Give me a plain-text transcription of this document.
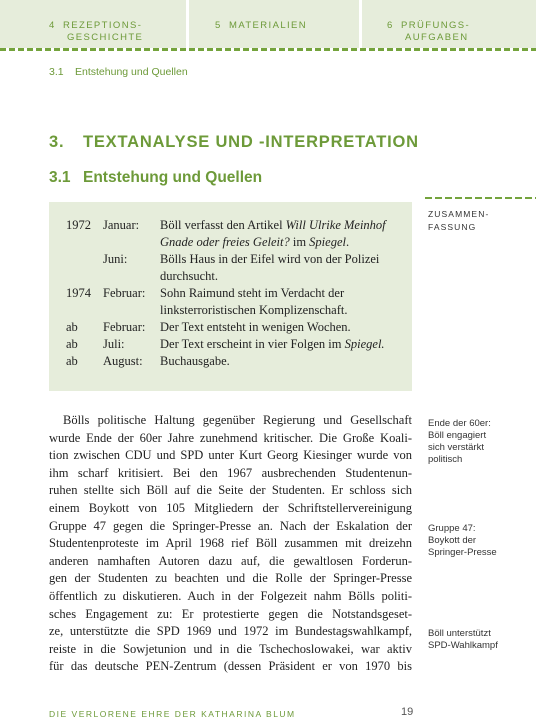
4 REZEPTIONS-
GESCHICHTE
5 MATERIALIEN	6 PRÜFUNGS-
AUFGABEN
3.1 Entstehung und Quellen
3. TEXTANALYSE UND -INTERPRETATION
3.1 Entstehung und Quellen
ZUSAMMEN-
FASSUNG
1972 Januar: Böll verfasst den Artikel Will Ulrike Meinhof
Gnade oder freies Geleit? im Spiegel.
Juni:	Bölls Haus in der Eifel wird von der Polizei
durchsucht.
1974 Februar: Sohn Raimund steht im Verdacht der
linksterroristischen Komplizenschaft.
ab Februar: Der Text entsteht in wenigen Wochen.
ab Juli:	Der Text erscheint in vier Folgen im Spiegel.
ab August: Buchausgabe.
Bölls politische Haltung gegenüber Regierung und Gesellschaft
wurde Ende der 60er Jahre zunehmend kritischer. Die Große Koali-
tion zwischen CDU und SPD unter Kurt Georg Kiesinger wurde von
ihm scharf kritisiert. Bei den 1967 ausbrechenden Studentenun-
ruhen stellte sich Böll auf die Seite der Studenten. Er schloss sich
einem Boykott von 105 Mitgliedern der Schriftstellervereinigung
Gruppe 47 gegen die Springer-Presse an. Nach der Eskalation der
Studentenproteste im April 1968 rief Böll zusammen mit dreizehn
anderen namhaften Autoren dazu auf, die gewaltlosen Forderun-
gen der Studenten zu beachten und die Rolle der Springer-Presse
öffentlich zu diskutieren. Auch in der Folgezeit nahm Bölls politi-
sches Engagement zu: Er protestierte gegen die Notstandsgeset-
ze, unterstützte die SPD 1969 und 1972 im Bundestagswahlkampf,
reiste in die Sowjetunion und in die Tschechoslowakei, war aktiv
für das deutsche PEN-Zentrum (dessen Präsident er von 1970 bis
Ende der 60er:
Böll engagiert
sich verstärkt
politisch
Gruppe 47:
Boykott der
Springer-Presse
Böll unterstützt
SPD-Wahlkampf
DIE VERLORENE EHRE DER KATHARINA BLUM	19
